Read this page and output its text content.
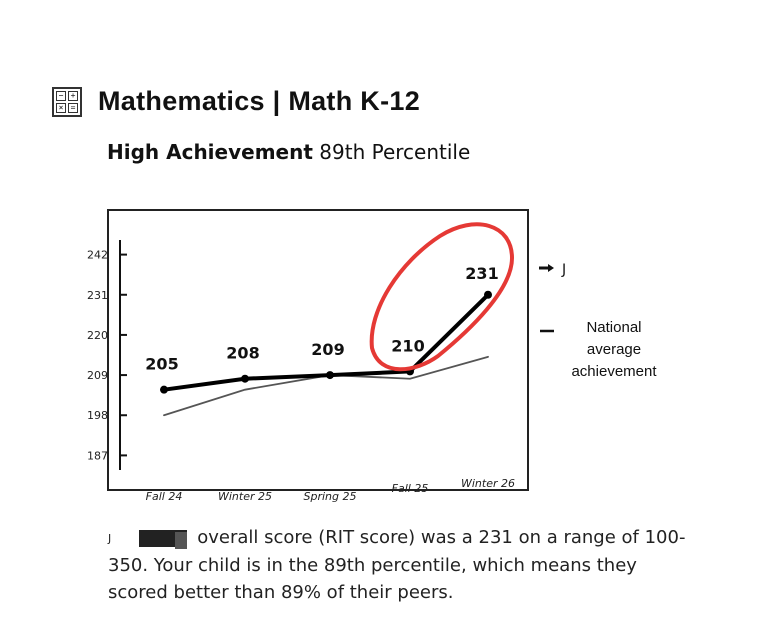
− +
× = Mathematics | Math K-12
High Achievement 89th Percentile
187
198
209
220
231
242
Fall 24	Winter 25	Spring 25
Fall 25	Winter 26
205
208	209	210
231	J
National
average
achievement
J	overall score (RIT score) was a 231 on a range of 100-
350. Your child is in the 89th percentile, which means they
scored better than 89% of their peers.
